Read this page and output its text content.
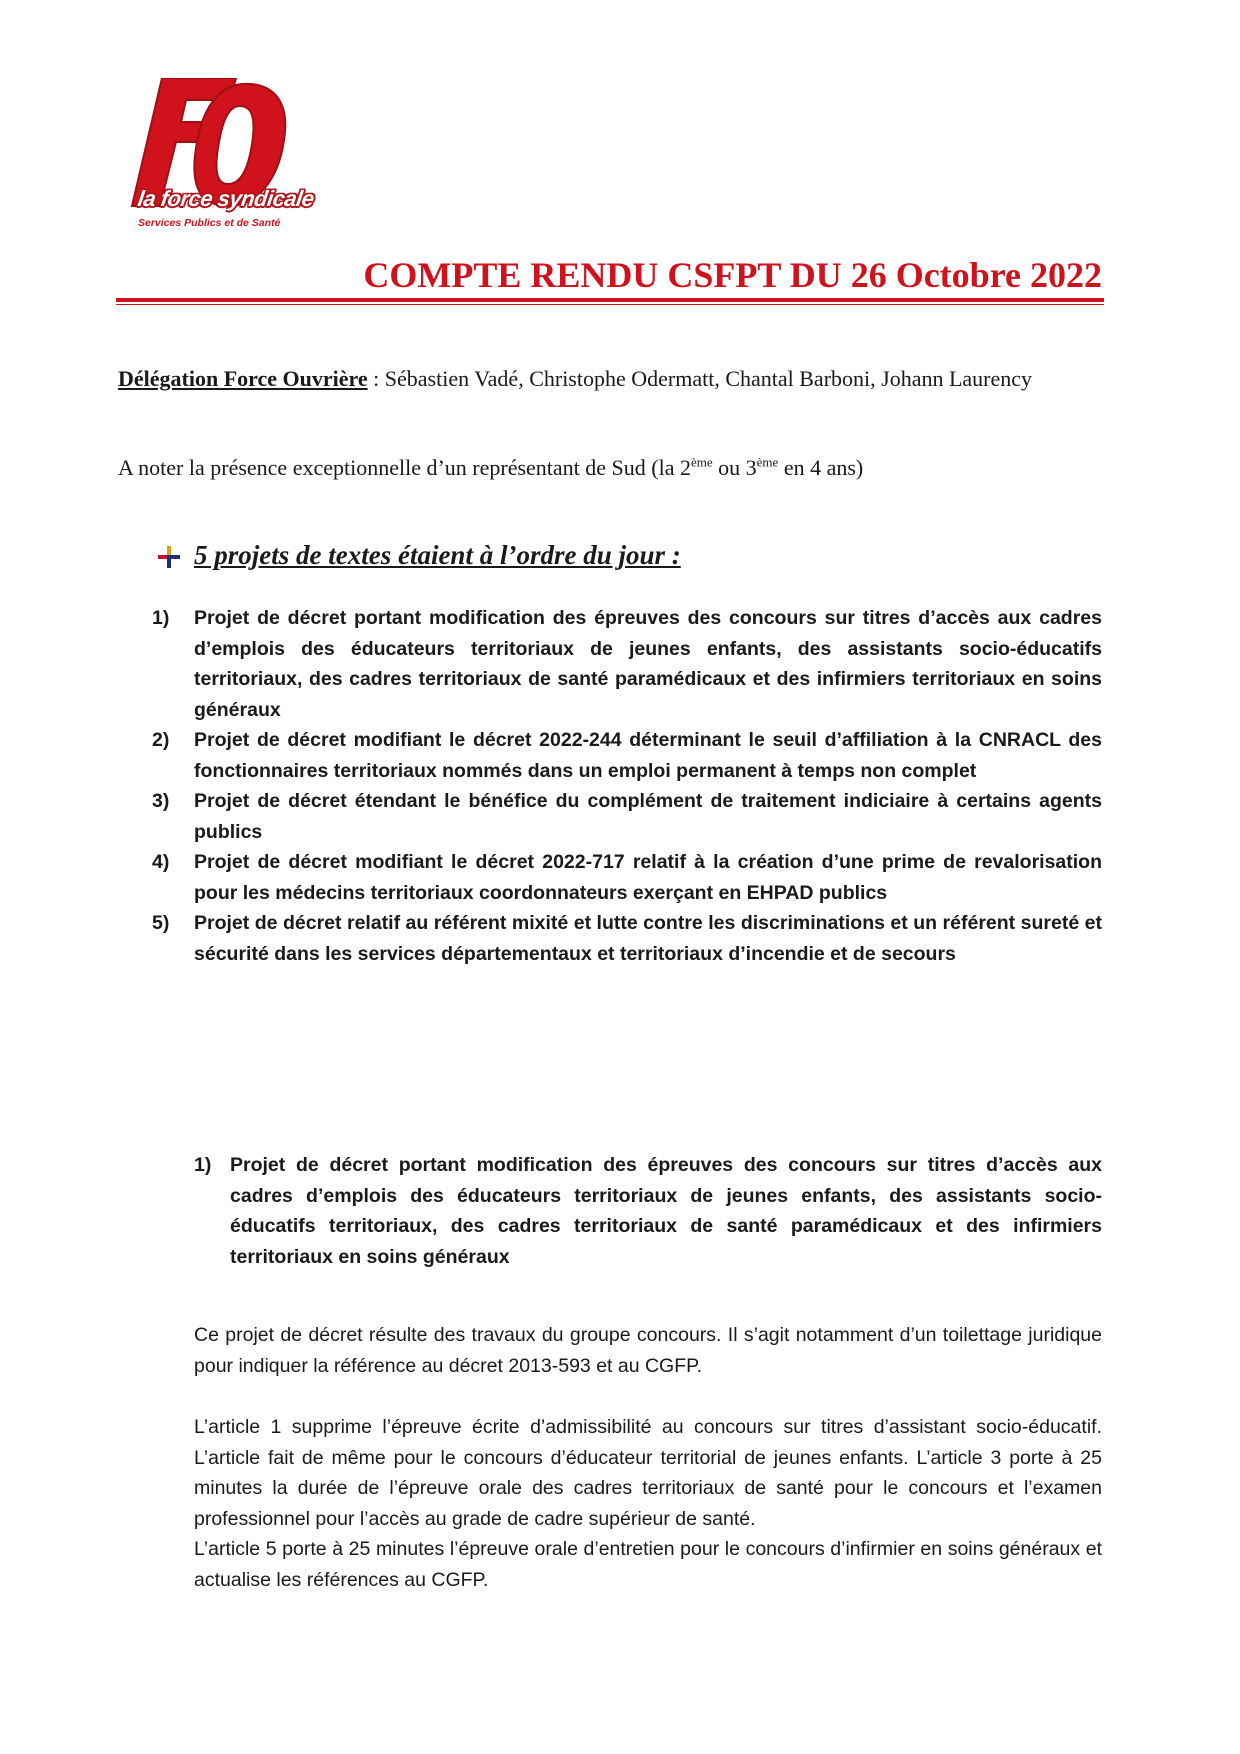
la force syndicale
Services Publics et de Santé
COMPTE RENDU CSFPT DU 26 Octobre 2022
Délégation Force Ouvrière : Sébastien Vadé, Christophe Odermatt, Chantal Barboni, Johann Laurency
A noter la présence exceptionnelle d’un représentant de Sud (la 2ème ou 3ème en 4 ans)
5 projets de textes étaient à l’ordre du jour :
1) Projet de décret portant modification des épreuves des concours sur titres d’accès aux cadres d’emplois des éducateurs territoriaux de jeunes enfants, des assistants socio-éducatifs territoriaux, des cadres territoriaux de santé paramédicaux et des infirmiers territoriaux en soins généraux
2) Projet de décret modifiant le décret 2022-244 déterminant le seuil d’affiliation à la CNRACL des fonctionnaires territoriaux nommés dans un emploi permanent à temps non complet
3) Projet de décret étendant le bénéfice du complément de traitement indiciaire à certains agents publics
4) Projet de décret modifiant le décret 2022-717 relatif à la création d’une prime de revalorisation pour les médecins territoriaux coordonnateurs exerçant en EHPAD publics
5) Projet de décret relatif au référent mixité et lutte contre les discriminations et un référent sureté et sécurité dans les services départementaux et territoriaux d’incendie et de secours
1) Projet de décret portant modification des épreuves des concours sur titres d’accès aux cadres d’emplois des éducateurs territoriaux de jeunes enfants, des assistants socio-éducatifs territoriaux, des cadres territoriaux de santé paramédicaux et des infirmiers territoriaux en soins généraux

Ce projet de décret résulte des travaux du groupe concours. Il s’agit notamment d’un toilettage juridique pour indiquer la référence au décret 2013-593 et au CGFP.

L’article 1 supprime l’épreuve écrite d’admissibilité au concours sur titres d’assistant socio-éducatif. L’article fait de même pour le concours d’éducateur territorial de jeunes enfants. L’article 3 porte à 25 minutes la durée de l’épreuve orale des cadres territoriaux de santé pour le concours et l’examen professionnel pour l’accès au grade de cadre supérieur de santé.
L’article 5 porte à 25 minutes l’épreuve orale d’entretien pour le concours d’infirmier en soins généraux et actualise les références au CGFP.
